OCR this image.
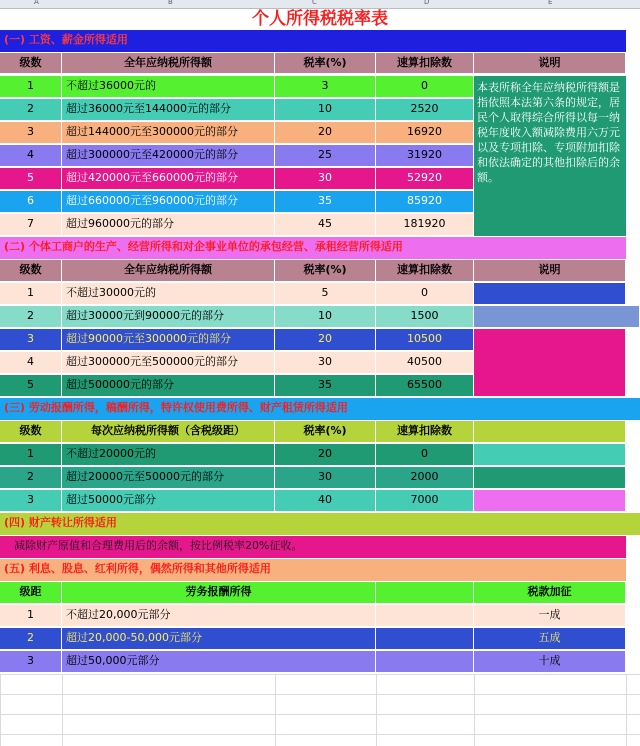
A	B	C	D	E
个人所得税税率表
(一) 工资、薪金所得适用
级数	全年应纳税所得额	税率(%)	速算扣除数	说明
1	不超过36000元的	3	0
2	超过36000元至144000元的部分	10	2520
3	超过144000元至300000元的部分	20	16920
4	超过300000元至420000元的部分	25	31920
5	超过420000元至660000元的部分	30	52920
6	超过660000元至960000元的部分	35	85920
7	超过960000元的部分	45	181920
本表所称全年应纳税所得额是指依照本法第六条的规定，居民个人取得综合所得以每一纳税年度收入额减除费用六万元以及专项扣除、专项附加扣除和依法确定的其他扣除后的余额。
(二) 个体工商户的生产、经营所得和对企事业单位的承包经营、承租经营所得适用
级数	全年应纳税所得额	税率(%)	速算扣除数	说明
1	不超过30000元的	5	0
2	超过30000元到90000元的部分	10	1500
3	超过90000元至300000元的部分	20	10500
4	超过300000元至500000元的部分	30	40500
5	超过500000元的部分	35	65500
(三) 劳动报酬所得，稿酬所得，特许权使用费所得、财产租赁所得适用
级数	每次应纳税所得额（含税级距）	税率(%)	速算扣除数
1	不超过20000元的	20	0
2	超过20000元至50000元的部分	30	2000
3	超过50000元部分	40	7000
(四) 财产转让所得适用
减除财产原值和合理费用后的余额，按比例税率20%征收。
(五) 利息、股息、红利所得，偶然所得和其他所得适用
级距	劳务报酬所得	税款加征
1	不超过20,000元部分	一成
2	超过20,000-50,000元部分	五成
3	超过50,000元部分	十成
